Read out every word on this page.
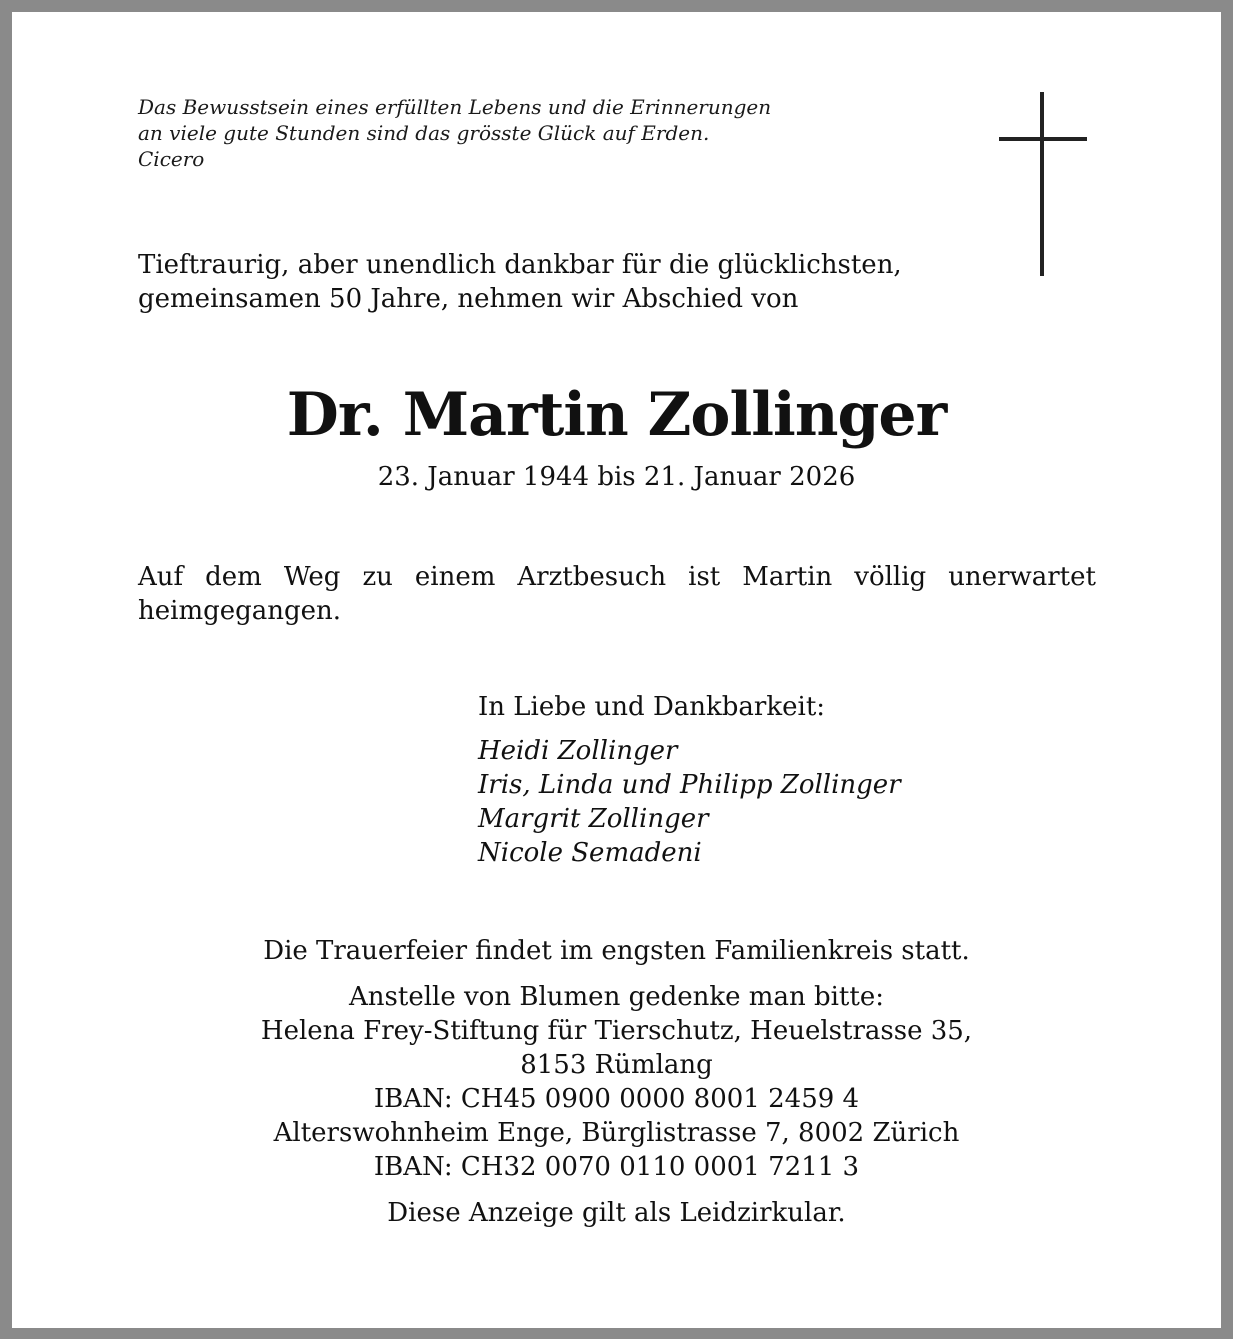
Das Bewusstsein eines erfüllten Lebens und die Erinnerungen
an viele gute Stunden sind das grösste Glück auf Erden.
Cicero
Tieftraurig, aber unendlich dankbar für die glücklichsten,
gemeinsamen 50 Jahre, nehmen wir Abschied von
Dr. Martin Zollinger
23. Januar 1944 bis 21. Januar 2026
Auf dem Weg zu einem Arztbesuch ist Martin völlig unerwartet
heimgegangen.
In Liebe und Dankbarkeit:
Heidi Zollinger
Iris, Linda und Philipp Zollinger
Margrit Zollinger
Nicole Semadeni
Die Trauerfeier findet im engsten Familienkreis statt.
Anstelle von Blumen gedenke man bitte:
Helena Frey-Stiftung für Tierschutz, Heuelstrasse 35,
8153 Rümlang
IBAN: CH45 0900 0000 8001 2459 4
Alterswohnheim Enge, Bürglistrasse 7, 8002 Zürich
IBAN: CH32 0070 0110 0001 7211 3
Diese Anzeige gilt als Leidzirkular.
